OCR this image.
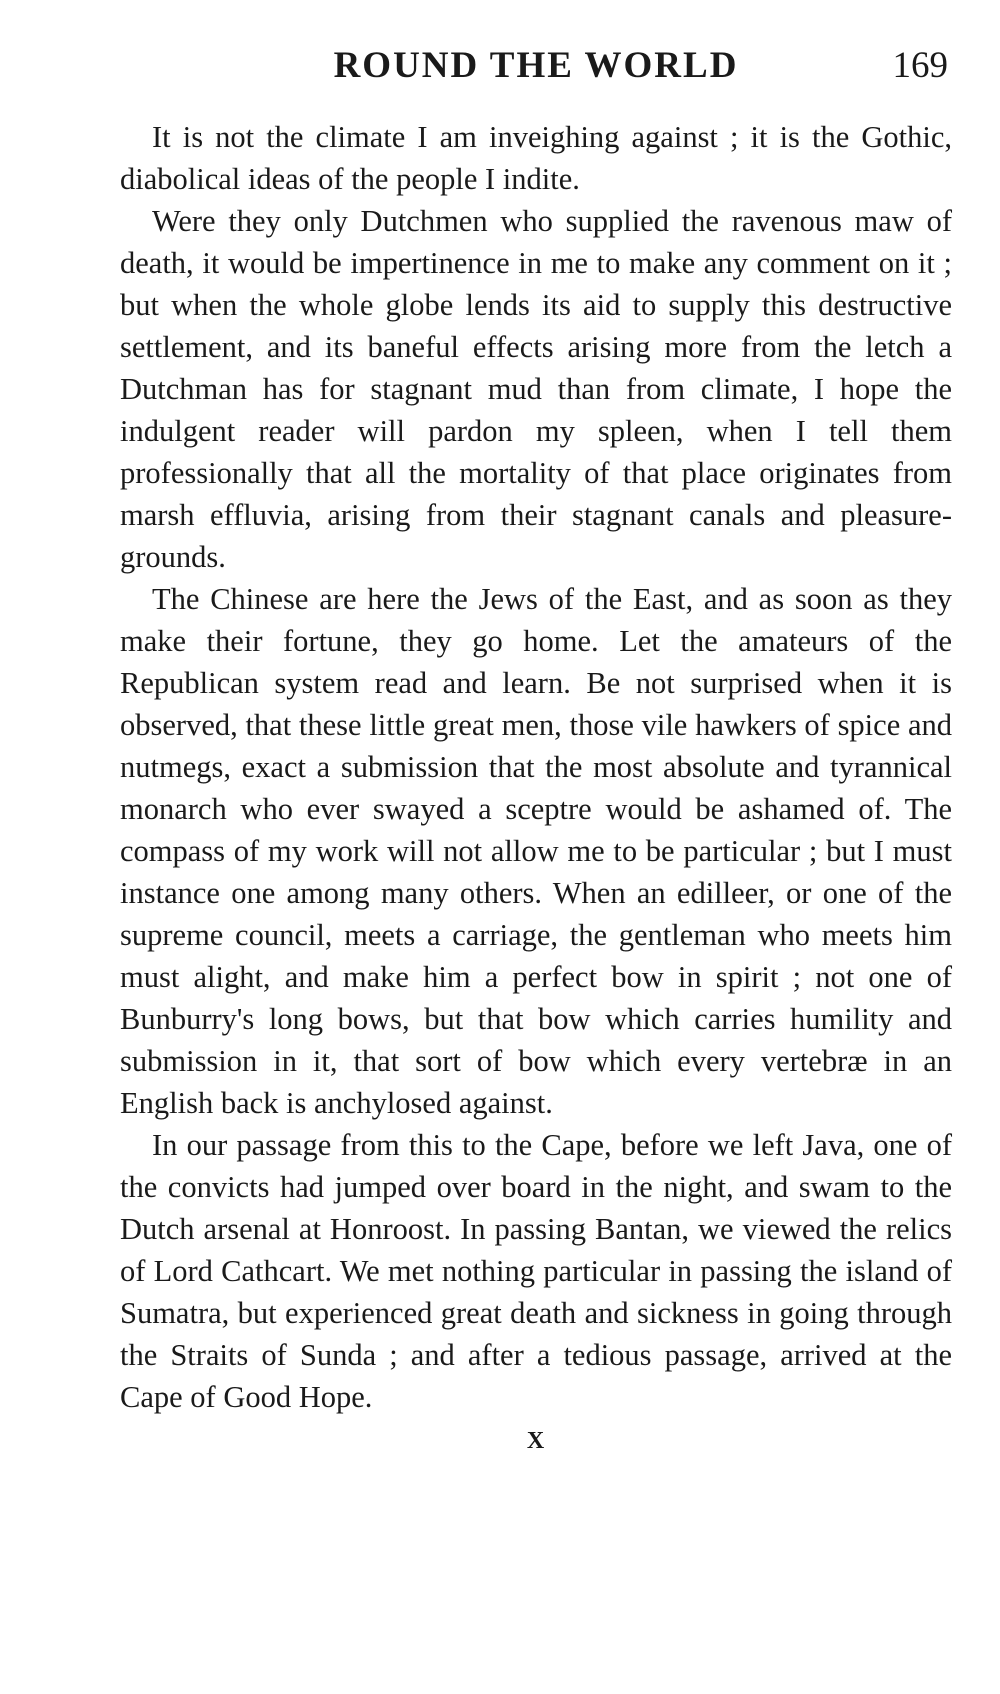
ROUND THE WORLD	169

It is not the climate I am inveighing against ; it is the Gothic, diabolical ideas of the people I indite.

Were they only Dutchmen who supplied the ravenous maw of death, it would be impertinence in me to make any comment on it ; but when the whole globe lends its aid to supply this destructive settlement, and its baneful effects arising more from the letch a Dutchman has for stagnant mud than from climate, I hope the indulgent reader will pardon my spleen, when I tell them professionally that all the mortality of that place originates from marsh effluvia, arising from their stagnant canals and pleasure-grounds.

The Chinese are here the Jews of the East, and as soon as they make their fortune, they go home. Let the amateurs of the Republican system read and learn. Be not surprised when it is observed, that these little great men, those vile hawkers of spice and nutmegs, exact a submission that the most absolute and tyrannical monarch who ever swayed a sceptre would be ashamed of. The compass of my work will not allow me to be particular ; but I must instance one among many others. When an edilleer, or one of the supreme council, meets a carriage, the gentleman who meets him must alight, and make him a perfect bow in spirit ; not one of Bunburry's long bows, but that bow which carries humility and submission in it, that sort of bow which every vertebræ in an English back is anchylosed against.

In our passage from this to the Cape, before we left Java, one of the convicts had jumped over board in the night, and swam to the Dutch arsenal at Honroost. In passing Bantan, we viewed the relics of Lord Cathcart. We met nothing particular in passing the island of Sumatra, but experienced great death and sickness in going through the Straits of Sunda ; and after a tedious passage, arrived at the Cape of Good Hope.

X
